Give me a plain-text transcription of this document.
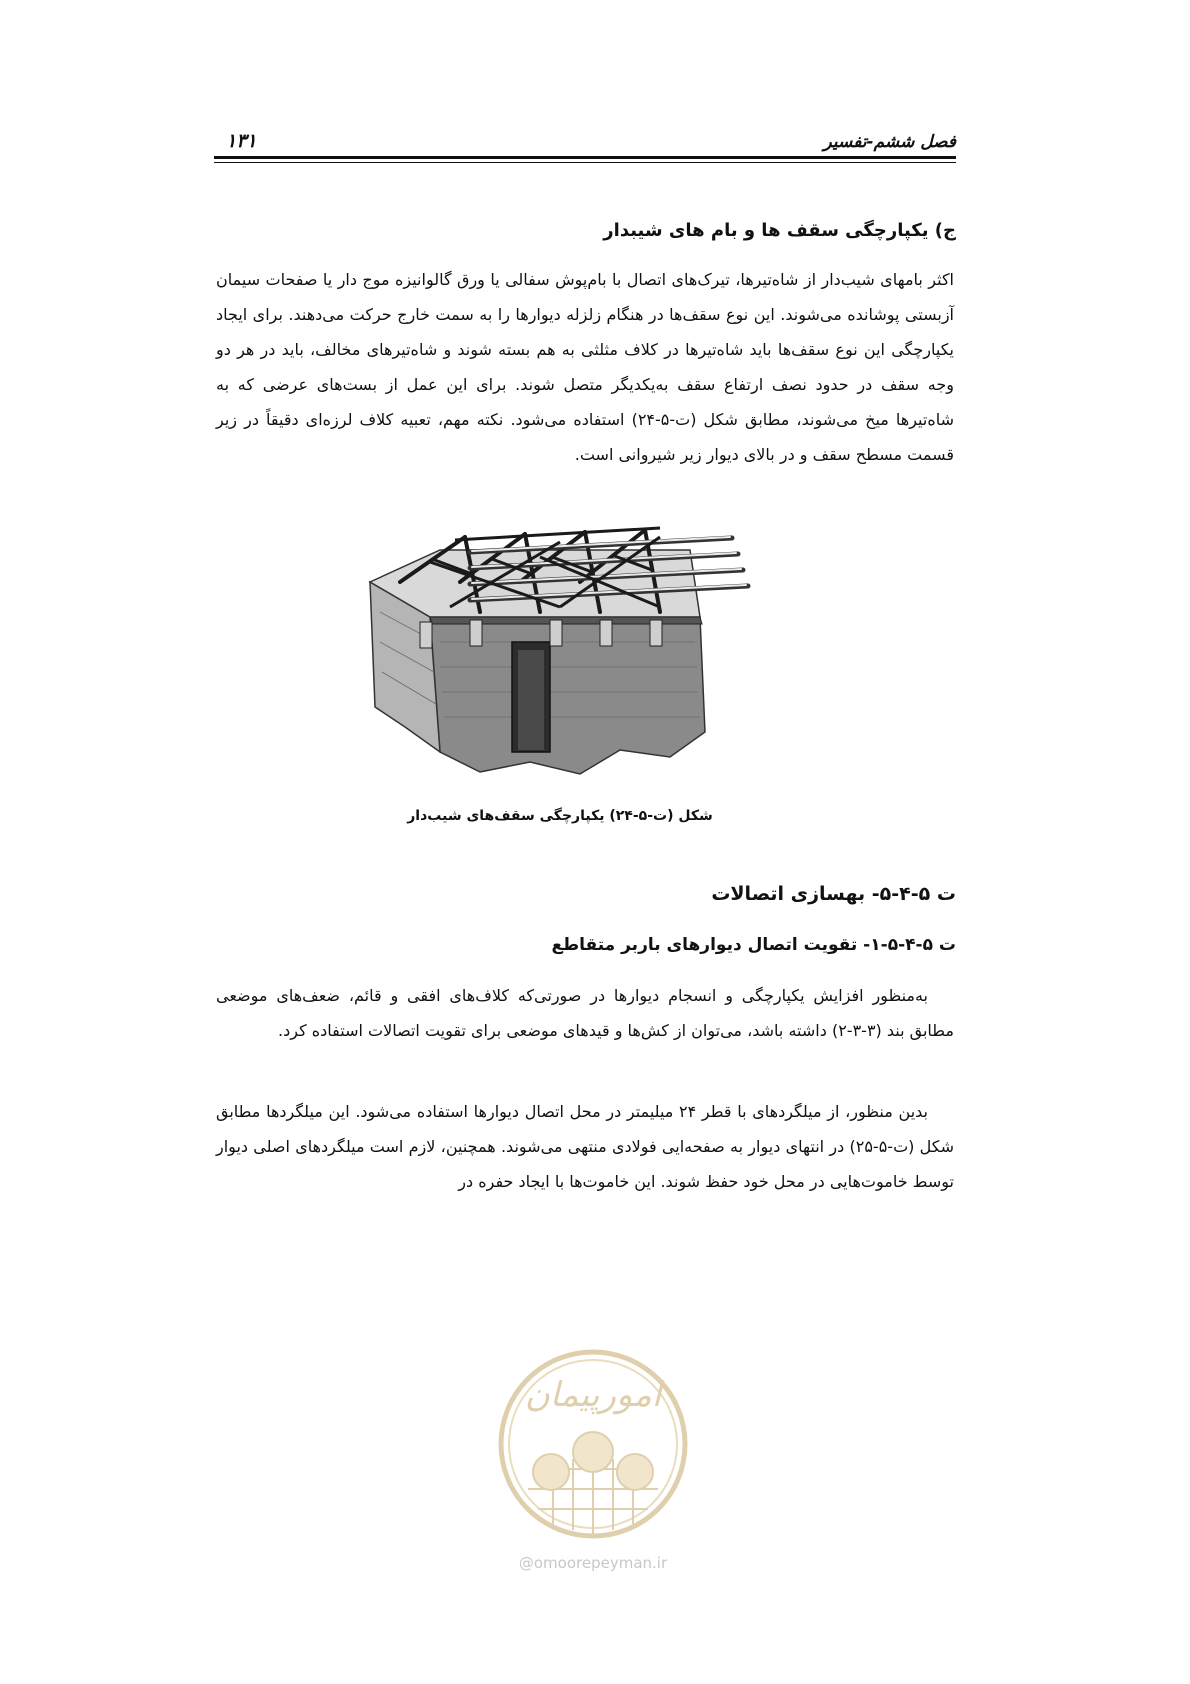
فصل ششم-تفسیر
۱۳۱
ج) یکپارچگی سقف ها و بام های شیبدار
اکثر بامهای شیب‌دار از شاه‌تیرها، تیرک‌های اتصال با بام‌پوش سفالی یا ورق گالوانیزه موج دار یا صفحات سیمان آزبستی پوشانده می‌شوند. این نوع سقف‌ها در هنگام زلزله دیوارها را به سمت خارج حرکت می‌دهند. برای ایجاد یکپارچگی این نوع سقف‌ها باید شاه‌تیرها در کلاف مثلثی به هم بسته شوند و شاه‌تیرهای مخالف، باید در هر دو وجه سقف در حدود نصف ارتفاع سقف به‌یکدیگر متصل شوند. برای این عمل از بست‌های عرضی که به شاه‌تیرها میخ می‌شوند، مطابق شکل (ت-۵-۲۴) استفاده می‌شود. نکته مهم، تعبیه کلاف لرزه‌ای دقیقاً در زیر قسمت مسطح سقف و در بالای دیوار زیر شیروانی است.
شکل (ت-۵-۲۴) یکپارچگی سقف‌های شیب‌دار
ت ۵-۴-۵- بهسازی اتصالات
ت ۵-۴-۵-۱- تقویت اتصال دیوارهای باربر متقاطع
به‌منظور افزایش یکپارچگی و انسجام دیوارها در صورتی‌که کلاف‌های افقی و قائم، ضعف‌های موضعی مطابق بند (۳-۳-۲) داشته باشد، می‌توان از کش‌ها و قیدهای موضعی برای تقویت اتصالات استفاده کرد.
بدین منظور، از میلگردهای با قطر ۲۴ میلیمتر در محل اتصال دیوارها استفاده می‌شود. این میلگردها مطابق شکل (ت-۵-۲۵) در انتهای دیوار به صفحه‌ایی فولادی منتهی می‌شوند. همچنین، لازم است میلگردهای اصلی دیوار توسط خاموت‌هایی در محل خود حفظ شوند. این خاموت‌ها با ایجاد حفره در
امورپیمان
@omoorepeyman.ir
